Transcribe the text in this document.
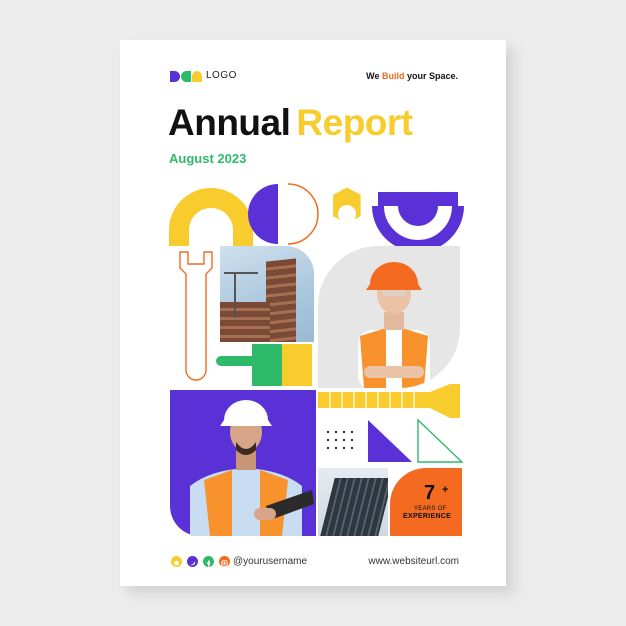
LOGO	We Build your Space.
Annual Report
August 2023
7 +
YEARS OF
EXPERIENCE
@yourusername	www.websiteurl.com
